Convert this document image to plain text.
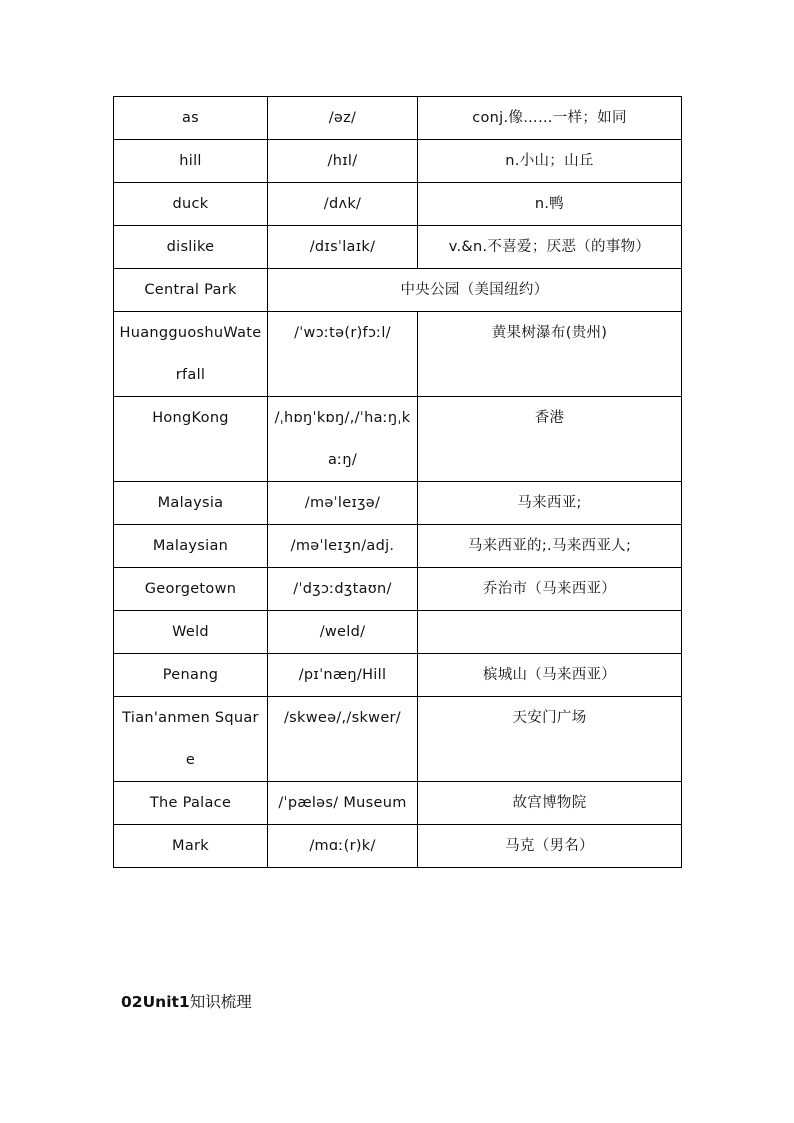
as	/əz/	conj.像……一样；如同
hill	/hɪl/	n.小山；山丘
duck	/dʌk/	n.鸭
dislike	/dɪsˈlaɪk/	v.&n.不喜爱；厌恶（的事物）
Central Park	中央公园（美国纽约）	
HuangguoshuWaterfall	/ˈwɔːtə(r)fɔːl/	黄果树瀑布(贵州)
HongKong	/ˌhɒŋˈkɒŋ/,/ˈhaːŋˌkaːŋ/	香港
Malaysia	/məˈleɪʒə/	马来西亚;
Malaysian	/məˈleɪʒn/adj.	马来西亚的;.马来西亚人;
Georgetown	/ˈdʒɔːdʒtaʊn/	乔治市（马来西亚）
Weld	/weld/	
Penang	/pɪˈnæŋ/Hill	槟城山（马来西亚）
Tian'anmen Square	/skweə/,/skwer/	天安门广场
The Palace	/ˈpæləs/ Museum	故宫博物院
Mark	/mɑː(r)k/	马克（男名）
02Unit1知识梳理
